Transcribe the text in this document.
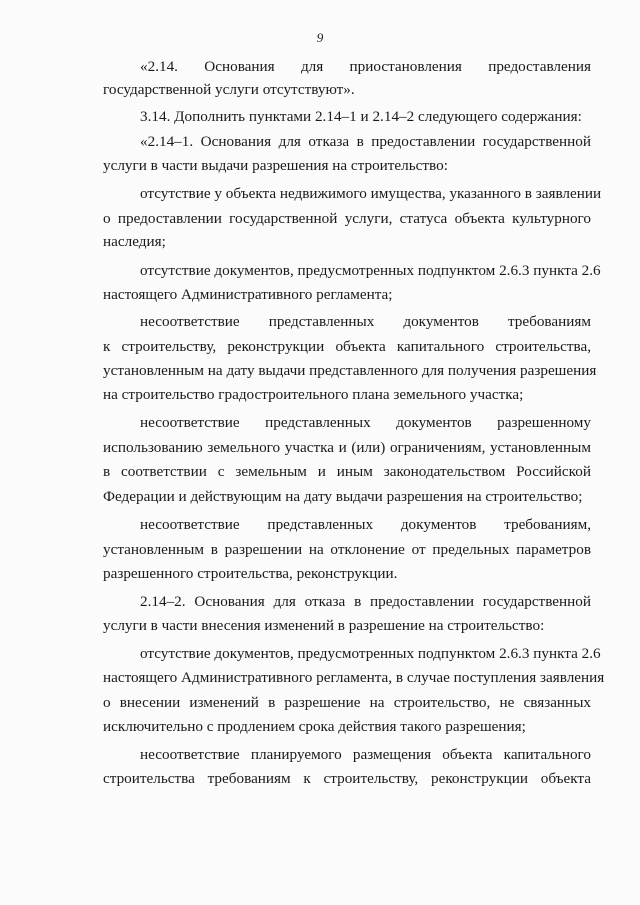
9
«2.14.     Основания     для     приостановления     предоставления
государственной услуги отсутствуют».
3.14. Дополнить пунктами 2.14–1 и 2.14–2 следующего содержания:
«2.14–1. Основания для отказа в предоставлении государственной
услуги в части выдачи разрешения на строительство:
отсутствие у объекта недвижимого имущества, указанного в заявлении
о предоставлении государственной услуги, статуса объекта культурного
наследия;
отсутствие документов, предусмотренных подпунктом 2.6.3 пункта 2.6
настоящего Административного регламента;
несоответствие     представленных     документов     требованиям
к строительству, реконструкции объекта капитального строительства,
установленным на дату выдачи представленного для получения разрешения
на строительство градостроительного плана земельного участка;
несоответствие     представленных     документов     разрешенному
использованию земельного участка и (или) ограничениям, установленным
в соответствии с земельным и иным законодательством Российской
Федерации и действующим на дату выдачи разрешения на строительство;
несоответствие     представленных     документов     требованиям,
установленным в разрешении на отклонение от предельных параметров
разрешенного строительства, реконструкции.
2.14–2. Основания для отказа в предоставлении государственной
услуги в части внесения изменений в разрешение на строительство:
отсутствие документов, предусмотренных подпунктом 2.6.3 пункта 2.6
настоящего Административного регламента, в случае поступления заявления
о внесении изменений в разрешение на строительство, не связанных
исключительно с продлением срока действия такого разрешения;
несоответствие планируемого размещения объекта капитального
строительства требованиям к строительству, реконструкции объекта
